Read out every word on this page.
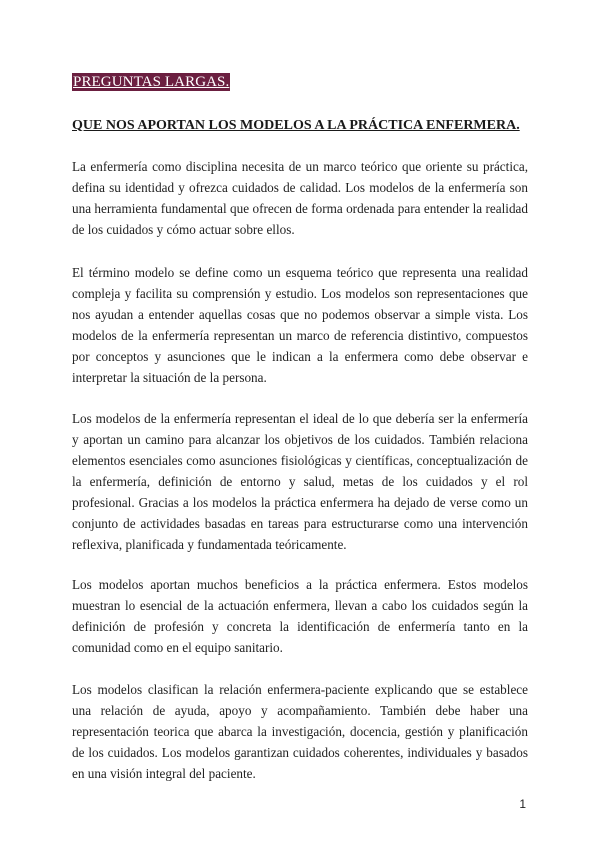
PREGUNTAS LARGAS.
QUE NOS APORTAN LOS MODELOS A LA PRÁCTICA ENFERMERA.

La enfermería como disciplina necesita de un marco teórico que oriente su práctica, defina su identidad y ofrezca cuidados de calidad. Los modelos de la enfermería son una herramienta fundamental que ofrecen de forma ordenada para entender la realidad de los cuidados y cómo actuar sobre ellos.

El término modelo se define como un esquema teórico que representa una realidad compleja y facilita su comprensión y estudio. Los modelos son representaciones que nos ayudan a entender aquellas cosas que no podemos observar a simple vista. Los modelos de la enfermería representan un marco de referencia distintivo, compuestos por conceptos y asunciones que le indican a la enfermera como debe observar e interpretar la situación de la persona.

Los modelos de la enfermería representan el ideal de lo que debería ser la enfermería y aportan un camino para alcanzar los objetivos de los cuidados. También relaciona elementos esenciales como asunciones fisiológicas y científicas, conceptualización de la enfermería, definición de entorno y salud, metas de los cuidados y el rol profesional. Gracias a los modelos la práctica enfermera ha dejado de verse como un conjunto de actividades basadas en tareas para estructurarse como una intervención reflexiva, planificada y fundamentada teóricamente.

Los modelos aportan muchos beneficios a la práctica enfermera. Estos modelos muestran lo esencial de la actuación enfermera, llevan a cabo los cuidados según la definición de profesión y concreta la identificación de enfermería tanto en la comunidad como en el equipo sanitario.

Los modelos clasifican la relación enfermera-paciente explicando que se establece una relación de ayuda, apoyo y acompañamiento. También debe haber una representación teorica que abarca la investigación, docencia, gestión y planificación de los cuidados. Los modelos garantizan cuidados coherentes, individuales y basados en una visión integral del paciente.

1
